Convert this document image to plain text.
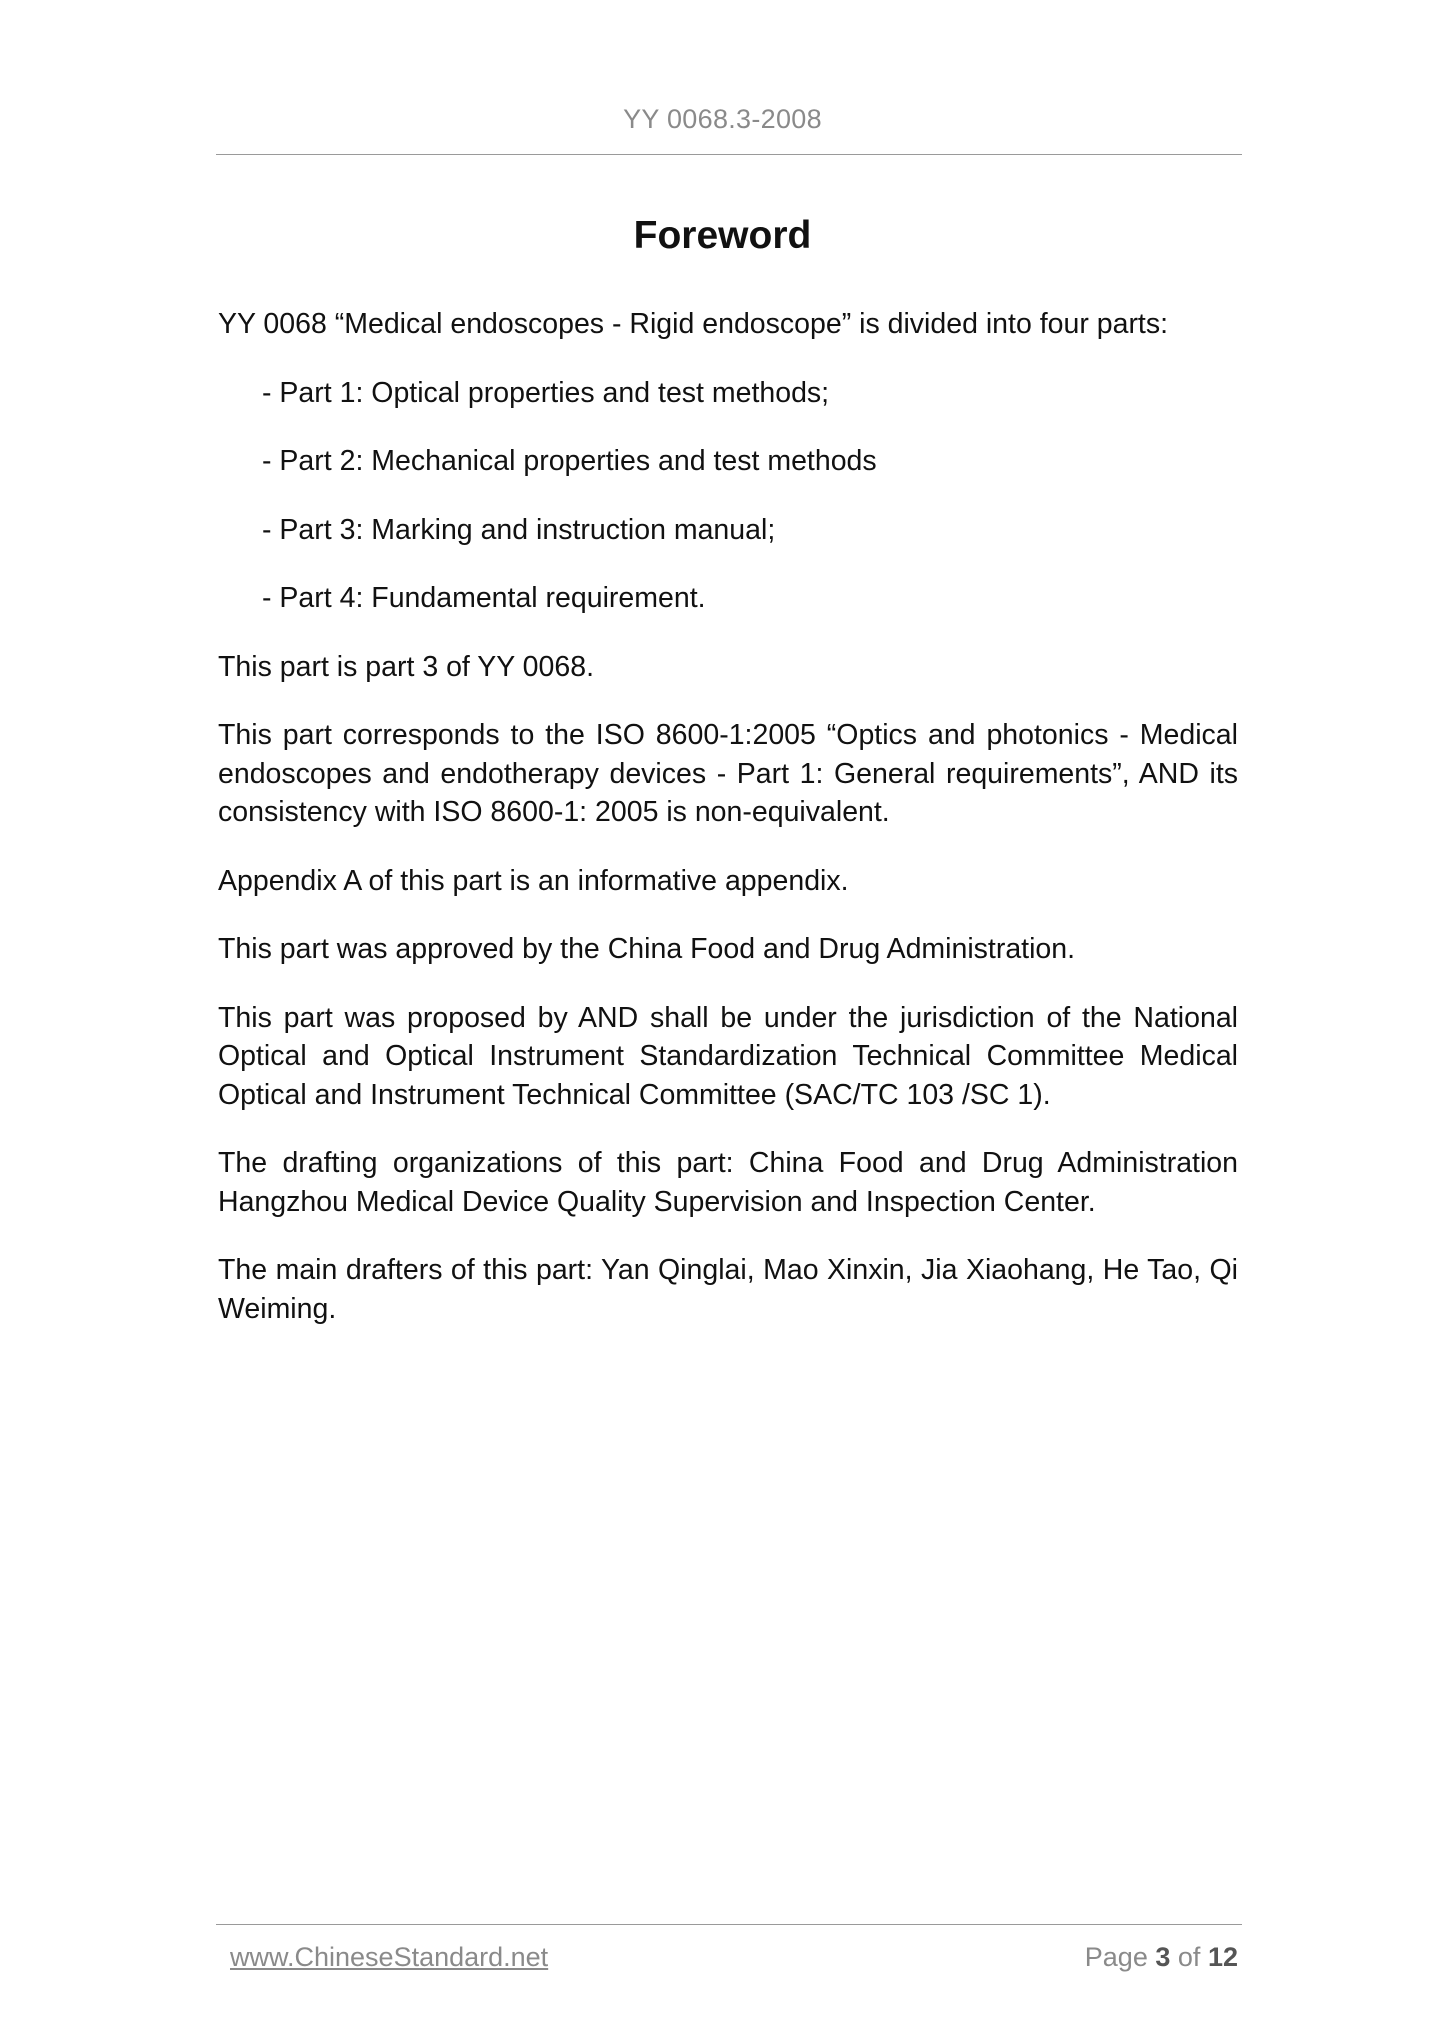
YY 0068.3-2008
Foreword

YY 0068 “Medical endoscopes - Rigid endoscope” is divided into four parts:

- Part 1: Optical properties and test methods;

- Part 2: Mechanical properties and test methods

- Part 3: Marking and instruction manual;

- Part 4: Fundamental requirement.

This part is part 3 of YY 0068.

This part corresponds to the ISO 8600-1:2005 “Optics and photonics - Medical endoscopes and endotherapy devices - Part 1: General requirements”, AND its consistency with ISO 8600-1: 2005 is non-equivalent.

Appendix A of this part is an informative appendix.

This part was approved by the China Food and Drug Administration.

This part was proposed by AND shall be under the jurisdiction of the National Optical and Optical Instrument Standardization Technical Committee Medical Optical and Instrument Technical Committee (SAC/TC 103 /SC 1).

The drafting organizations of this part: China Food and Drug Administration Hangzhou Medical Device Quality Supervision and Inspection Center.

The main drafters of this part: Yan Qinglai, Mao Xinxin, Jia Xiaohang, He Tao, Qi Weiming.

www.ChineseStandard.net	Page 3 of 12
